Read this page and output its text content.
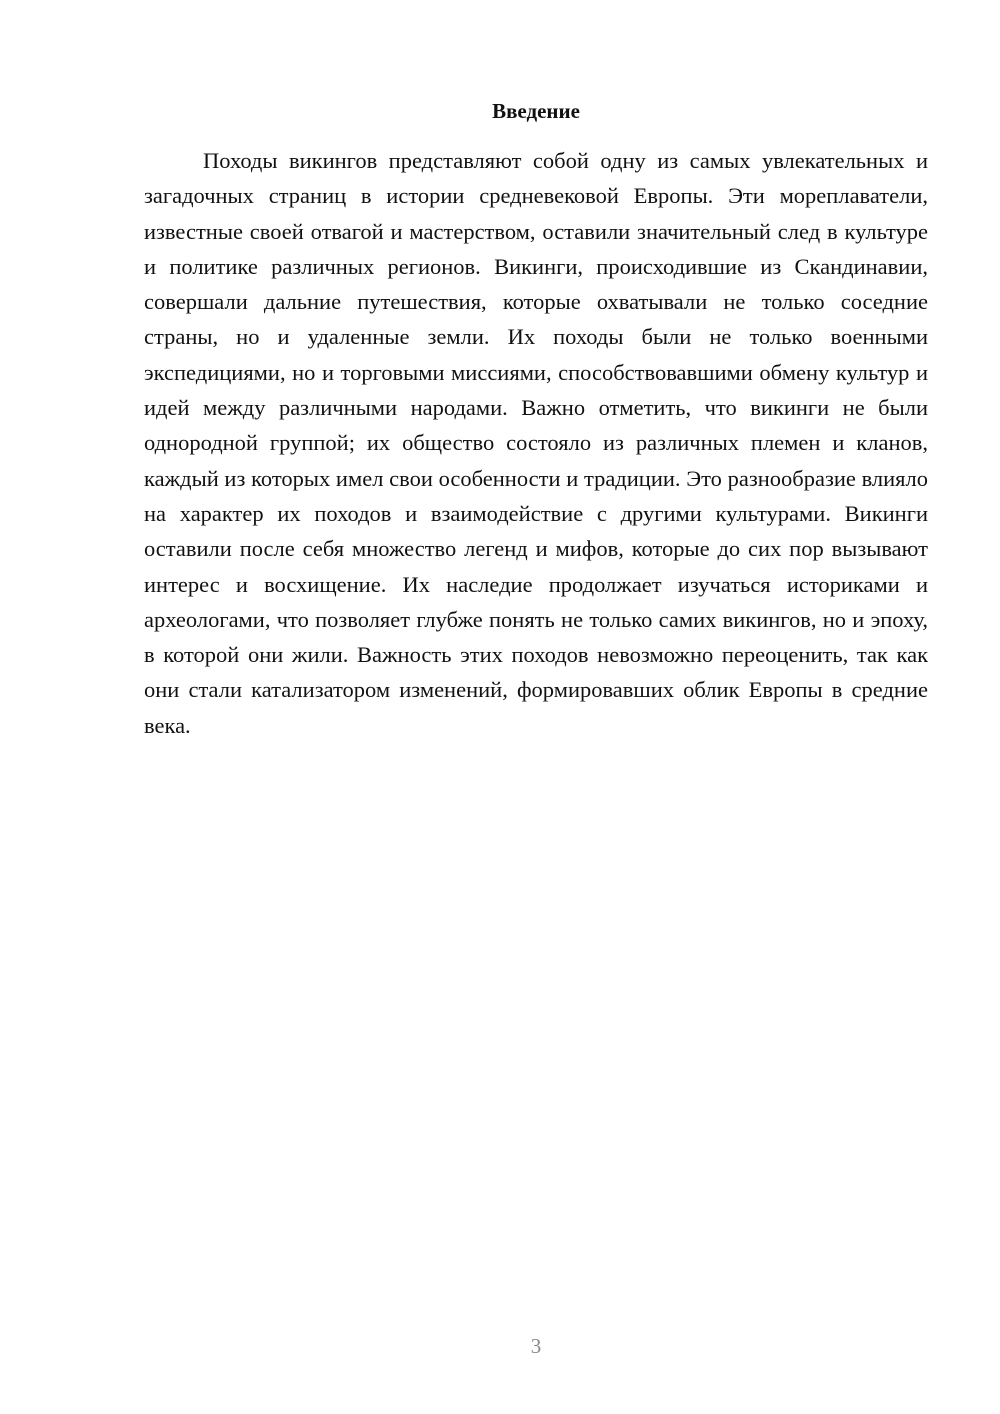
Введение

Походы викингов представляют собой одну из самых увлекательных и загадочных страниц в истории средневековой Европы. Эти мореплаватели, известные своей отвагой и мастерством, оставили значительный след в культуре и политике различных регионов. Викинги, происходившие из Скандинавии, совершали дальние путешествия, которые охватывали не только соседние страны, но и удаленные земли. Их походы были не только военными экспедициями, но и торговыми миссиями, способствовавшими обмену культур и идей между различными народами. Важно отметить, что викинги не были однородной группой; их общество состояло из различных племен и кланов, каждый из которых имел свои особенности и традиции. Это разнообразие влияло на характер их походов и взаимодействие с другими культурами. Викинги оставили после себя множество легенд и мифов, которые до сих пор вызывают интерес и восхищение. Их наследие продолжает изучаться историками и археологами, что позволяет глубже понять не только самих викингов, но и эпоху, в которой они жили. Важность этих походов невозможно переоценить, так как они стали катализатором изменений, формировавших облик Европы в средние века.

3
